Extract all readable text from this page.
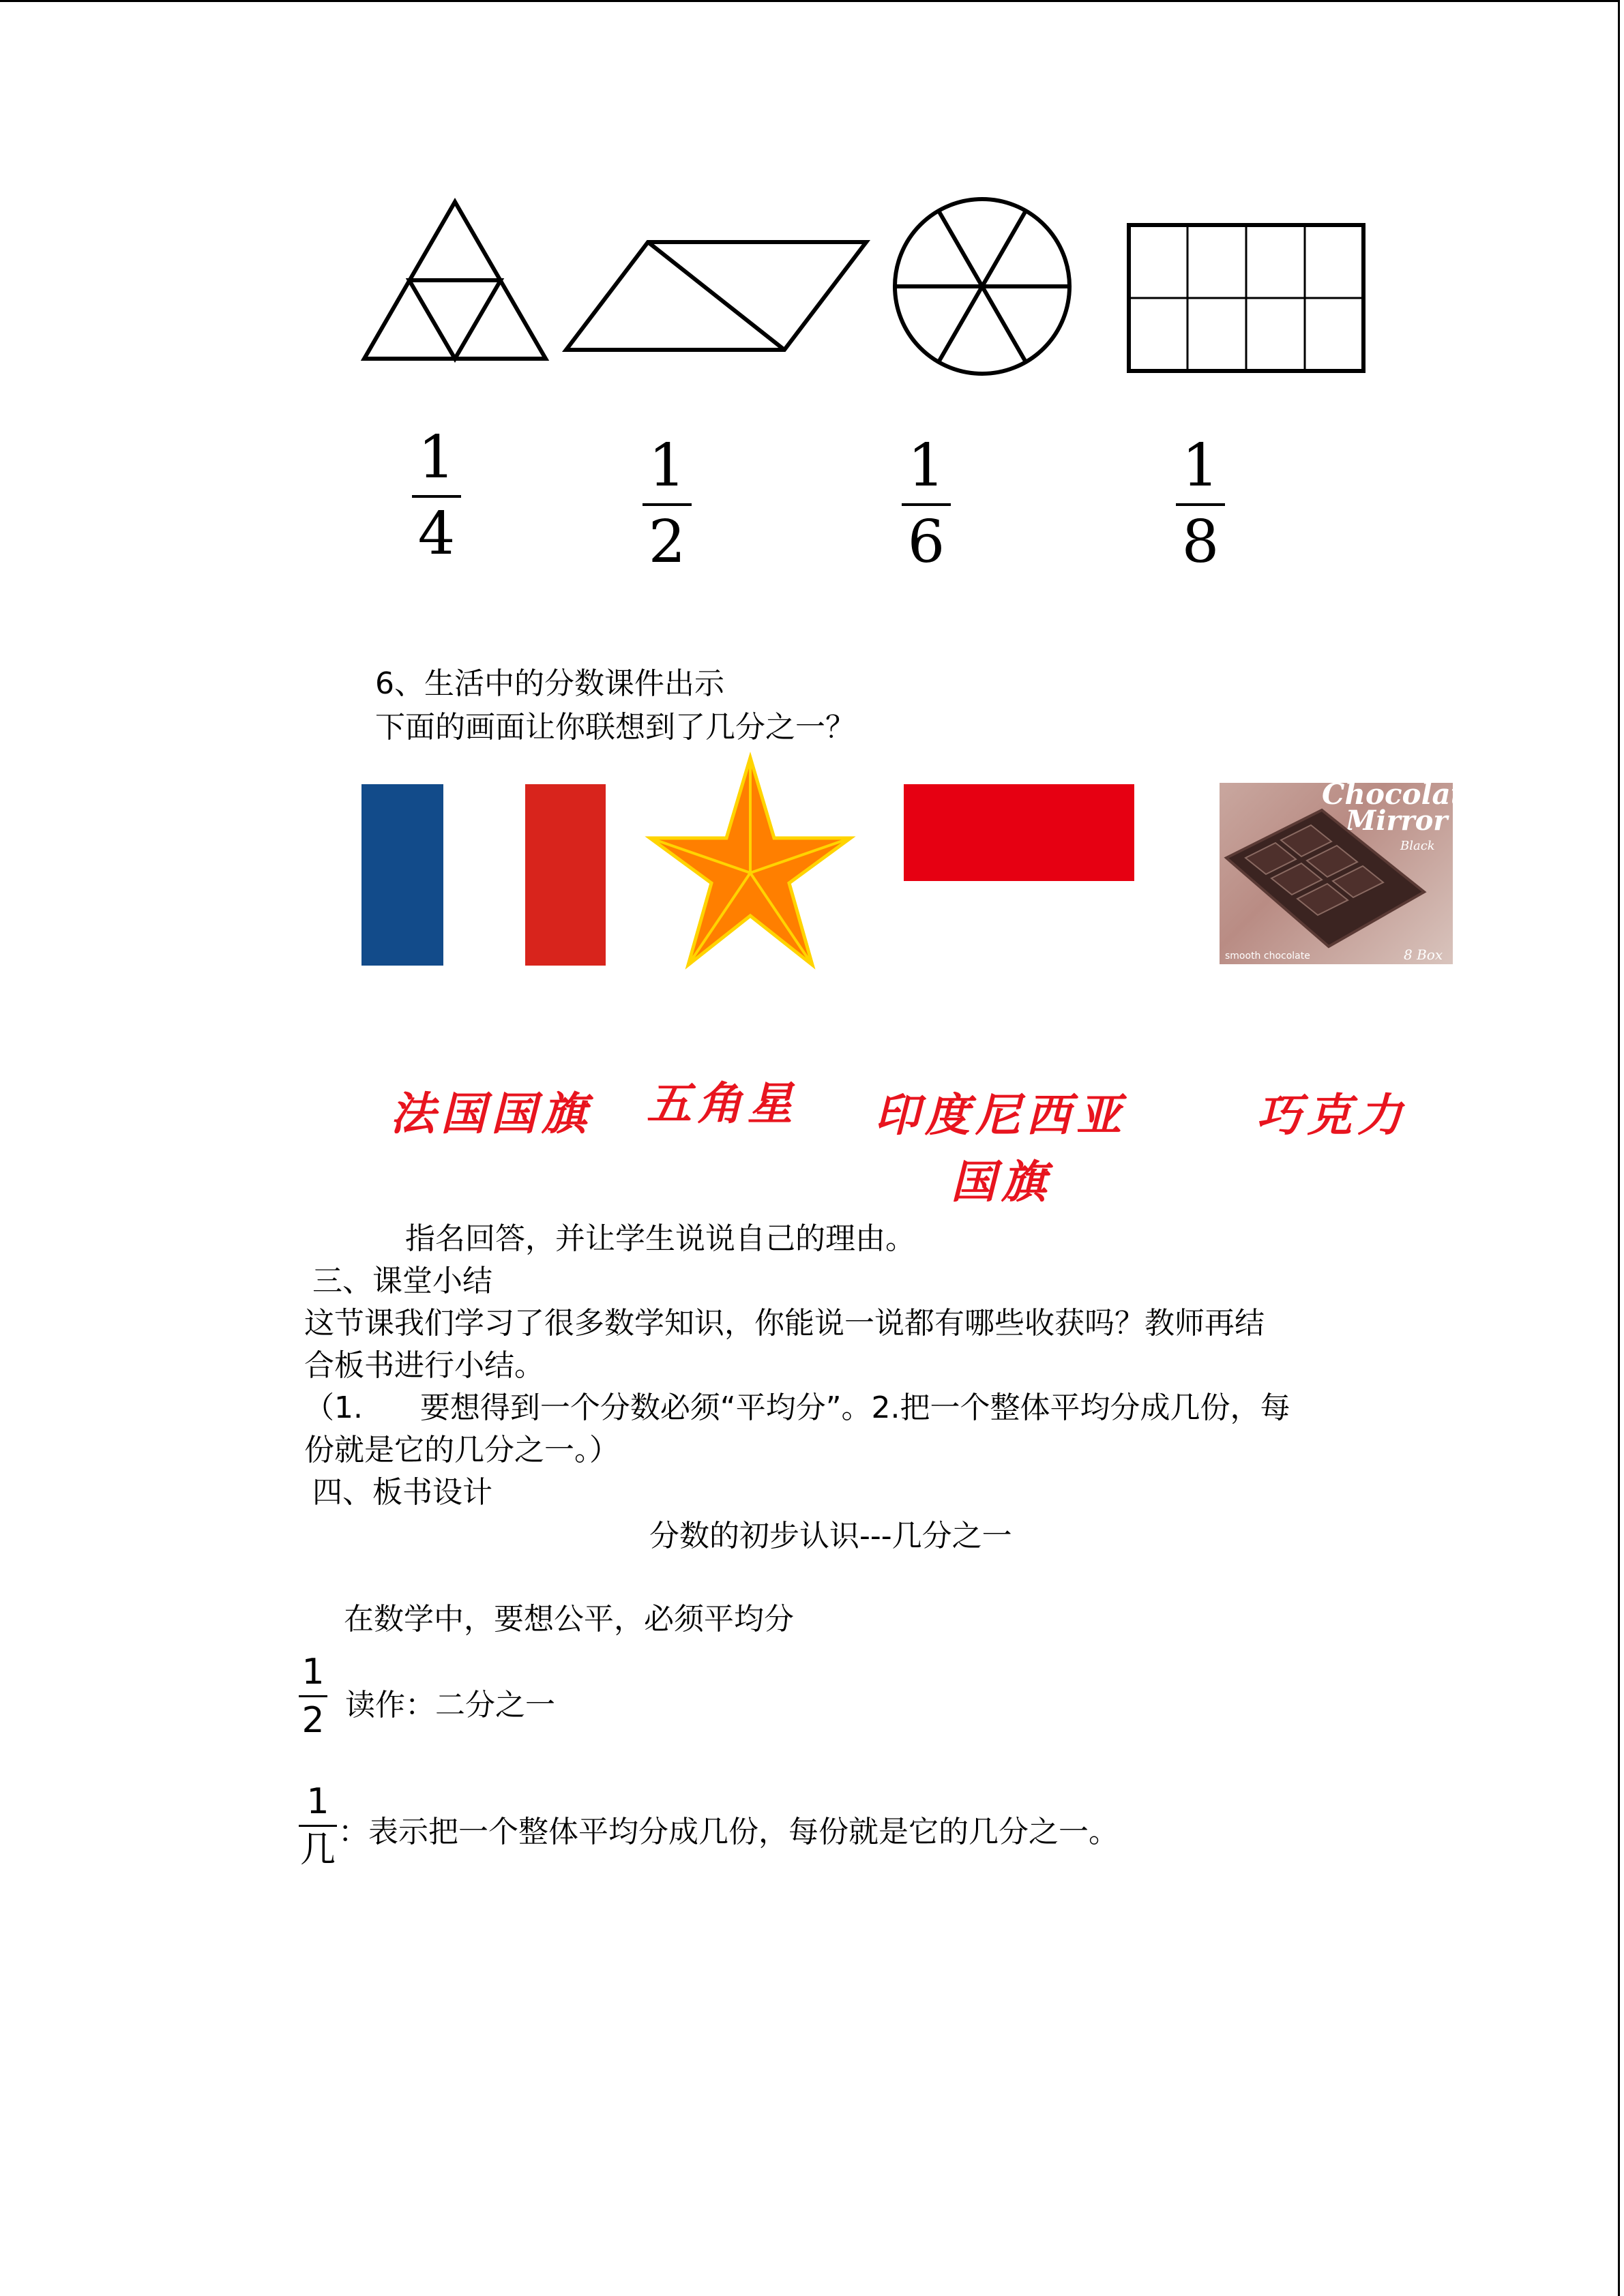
1
4
1
2
1
6
1
8
6、生活中的分数课件出示
下面的画面让你联想到了几分之一？
Chocolate
Mirror
Black
smooth chocolate	8 Box
法国国旗 五角星 印度尼西亚
国旗
巧克力
指名回答，并让学生说说自己的理由。
三、课堂小结
这节课我们学习了很多数学知识，你能说一说都有哪些收获吗？教师再结
合板书进行小结。
（1.      要想得到一个分数必须“平均分”。2.把一个整体平均分成几份，每
份就是它的几分之一。）
四、板书设计
分数的初步认识---几分之一
在数学中，要想公平，必须平均分
1
2 读作：二分之一
1
几 ：表示把一个整体平均分成几份，每份就是它的几分之一。
